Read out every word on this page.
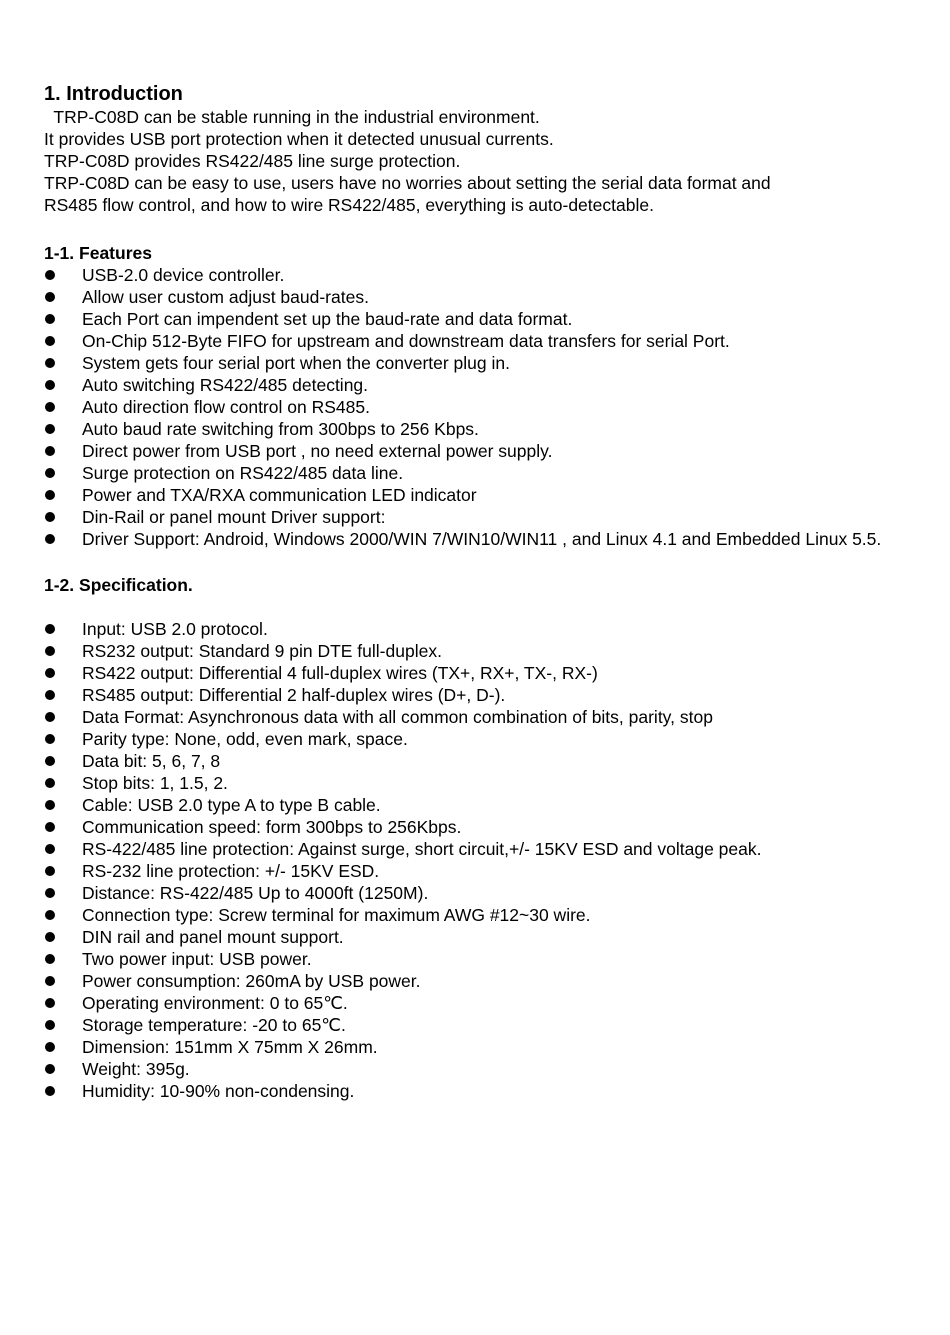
1. Introduction

TRP-C08D can be stable running in the industrial environment.

It provides USB port protection when it detected unusual currents.

TRP-C08D provides RS422/485 line surge protection.

TRP-C08D can be easy to use, users have no worries about setting the serial data format and

RS485 flow control, and how to wire RS422/485, everything is auto-detectable.

1-1. Features
USB-2.0 device controller.
Allow user custom adjust baud-rates.
Each Port can impendent set up the baud-rate and data format.
On-Chip 512-Byte FIFO for upstream and downstream data transfers for serial Port.
System gets four serial port when the converter plug in.
Auto switching RS422/485 detecting.
Auto direction flow control on RS485.
Auto baud rate switching from 300bps to 256 Kbps.
Direct power from USB port , no need external power supply.
Surge protection on RS422/485 data line.
Power and TXA/RXA communication LED indicator
Din-Rail or panel mount Driver support:
Driver Support: Android, Windows 2000/WIN 7/WIN10/WIN11 , and Linux 4.1 and Embedded Linux 5.5.
1-2. Specification.
Input: USB 2.0 protocol.
RS232 output: Standard 9 pin DTE full-duplex.
RS422 output: Differential 4 full-duplex wires (TX+, RX+, TX-, RX-)
RS485 output: Differential 2 half-duplex wires (D+, D-).
Data Format: Asynchronous data with all common combination of bits, parity, stop
Parity type: None, odd, even mark, space.
Data bit: 5, 6, 7, 8
Stop bits: 1, 1.5, 2.
Cable: USB 2.0 type A to type B cable.
Communication speed: form 300bps to 256Kbps.
RS-422/485 line protection: Against surge, short circuit,+/- 15KV ESD and voltage peak.
RS-232 line protection: +/- 15KV ESD.
Distance: RS-422/485 Up to 4000ft (1250M).
Connection type: Screw terminal for maximum AWG #12~30 wire.
DIN rail and panel mount support.
Two power input: USB power.
Power consumption: 260mA by USB power.
Operating environment: 0 to 65℃.
Storage temperature: -20 to 65℃.
Dimension: 151mm X 75mm X 26mm.
Weight: 395g.
Humidity: 10-90% non-condensing.
